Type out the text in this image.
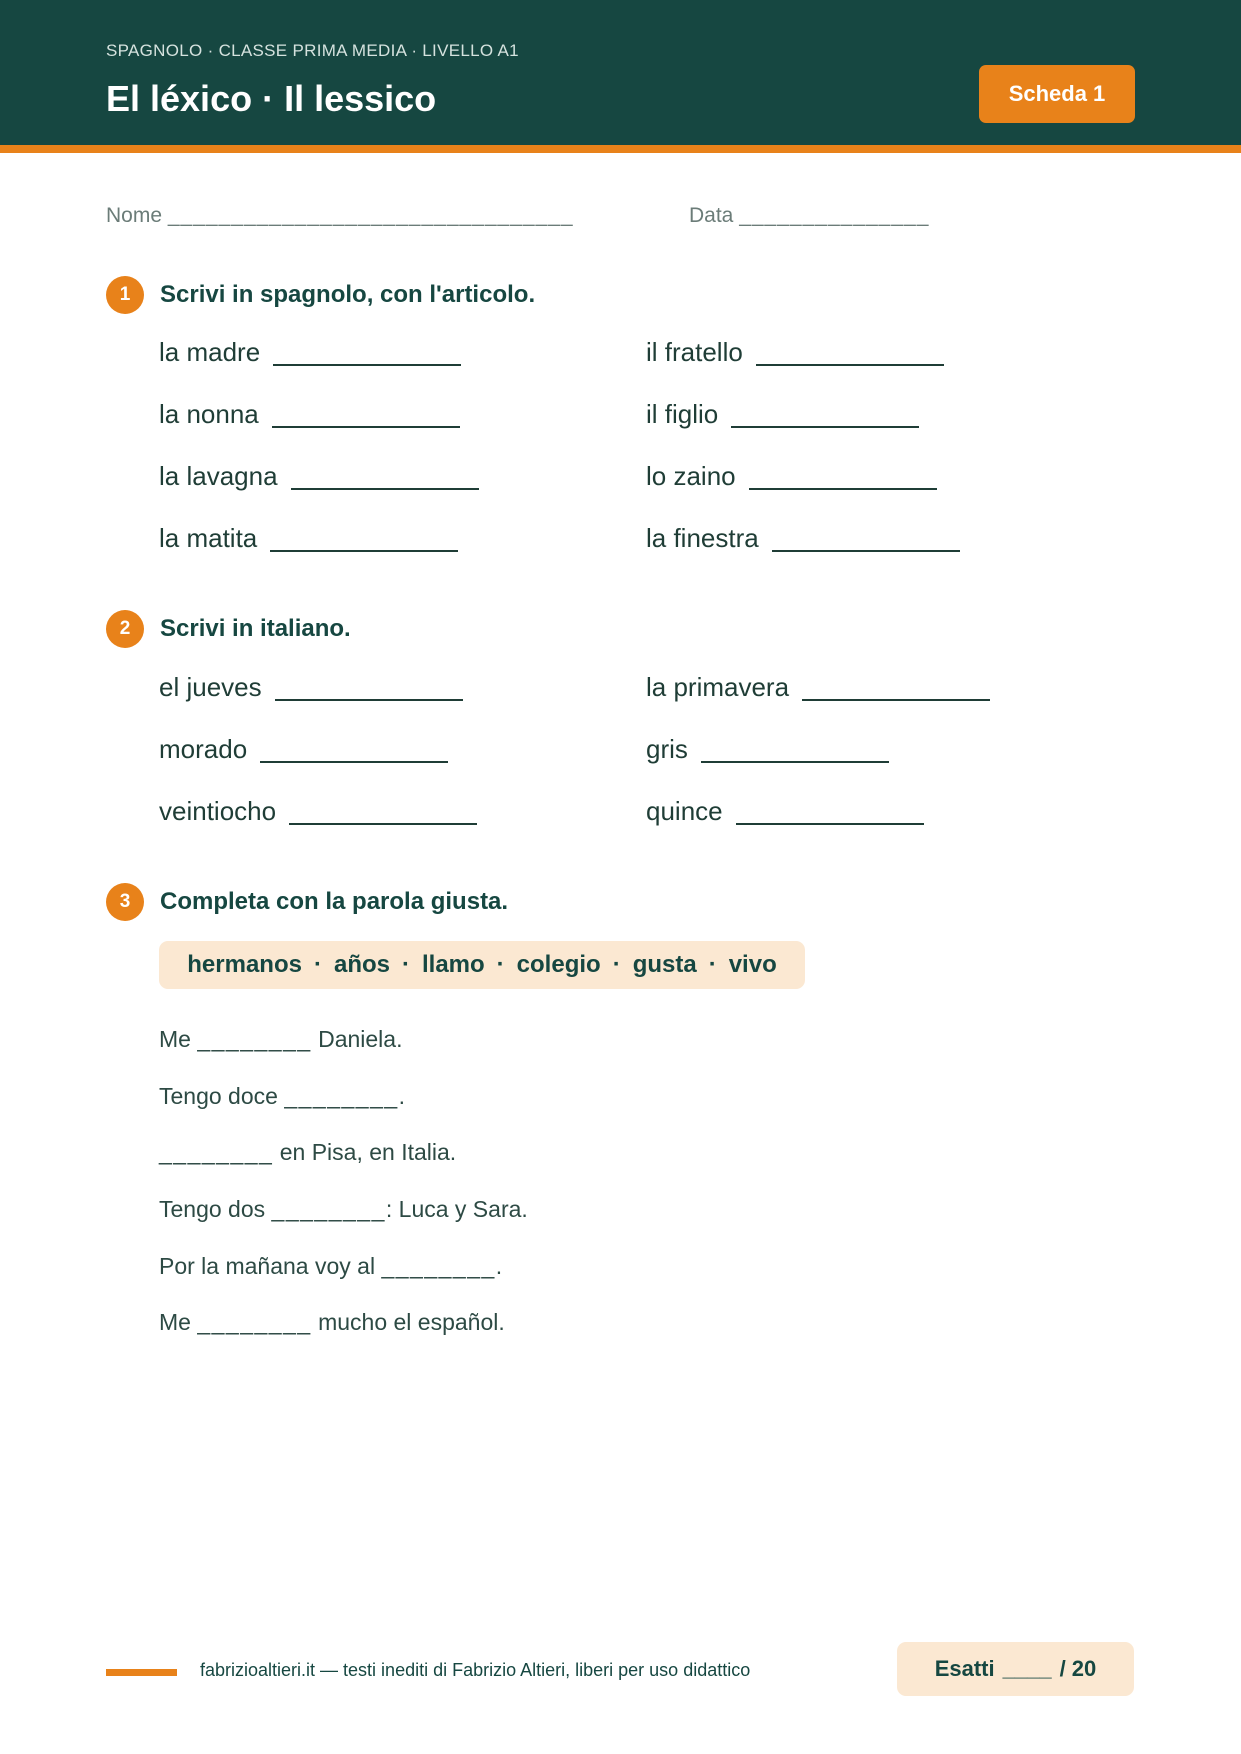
SPAGNOLO · CLASSE PRIMA MEDIA · LIVELLO A1
El léxico · Il lessico	Scheda 1
Nome ________________________________	Data _______________
1	Scrivi in spagnolo, con l'articolo.
la madre
la nonna
la lavagna
la matita
il fratello
il figlio
lo zaino
la finestra
2	Scrivi in italiano.
el jueves
morado
veintiocho
la primavera
gris
quince
3	Completa con la parola giusta.
hermanos · años · llamo · colegio · gusta · vivo
Me ________ Daniela.
Tengo doce ________.
________ en Pisa, en Italia.
Tengo dos ________: Luca y Sara.
Por la mañana voy al ________.
Me ________ mucho el español.
fabrizioaltieri.it — testi inediti di Fabrizio Altieri, liberi per uso didattico	Esatti ____ / 20
